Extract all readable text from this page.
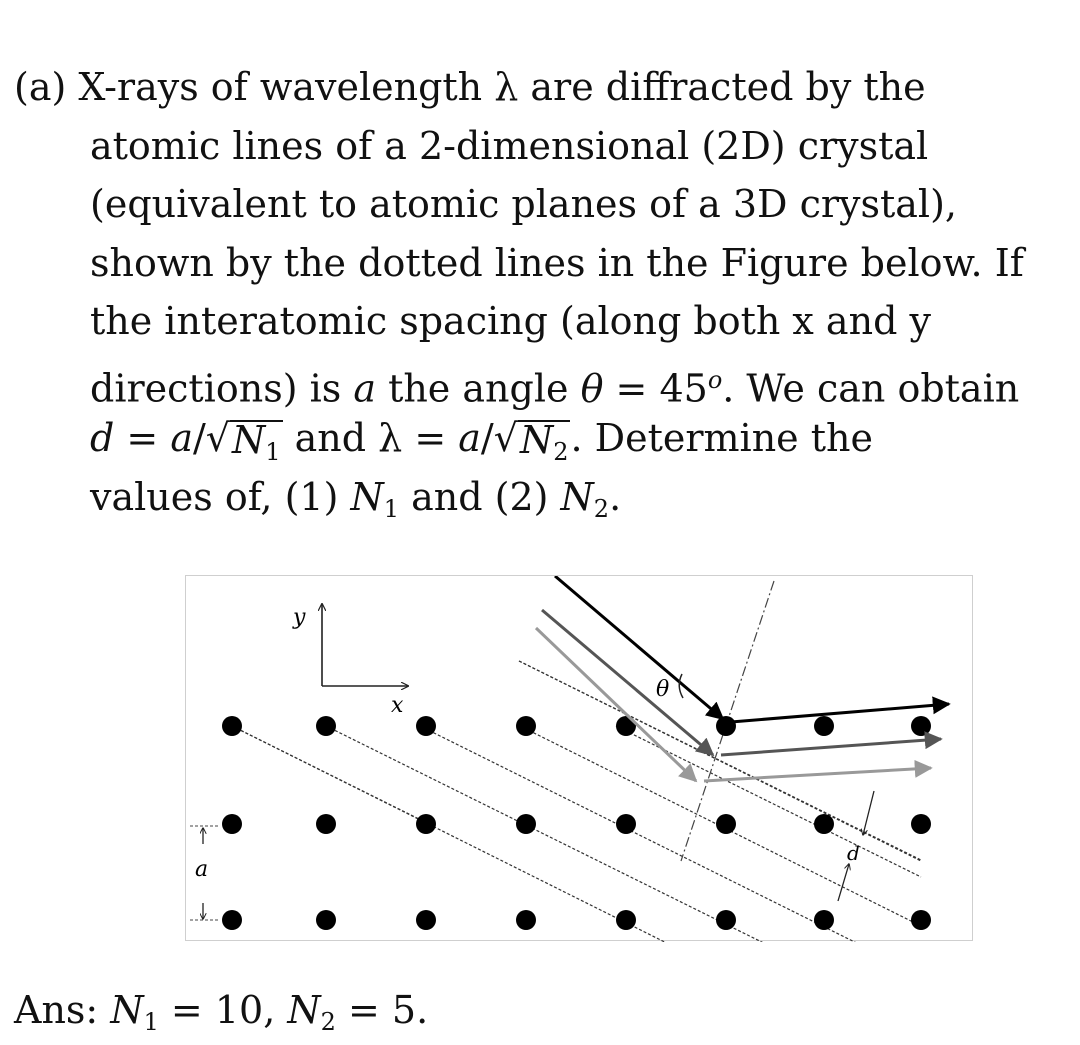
(a) X-rays of wavelength λ are diffracted by the
atomic lines of a 2-dimensional (2D) crystal
(equivalent to atomic planes of a 3D crystal),
shown by the dotted lines in the Figure below. If
the interatomic spacing (along both x and y
directions) is a the angle $\theta = 45^o$. We can obtain
$d = a/√N_1$ and $\lambda = a/√N_2$. Determine the
values of, (1) $N_1$ and (2) $N_2$.
y
x
θ
a
d
Ans: $N_1 = 10$, $N_2 = 5$.
